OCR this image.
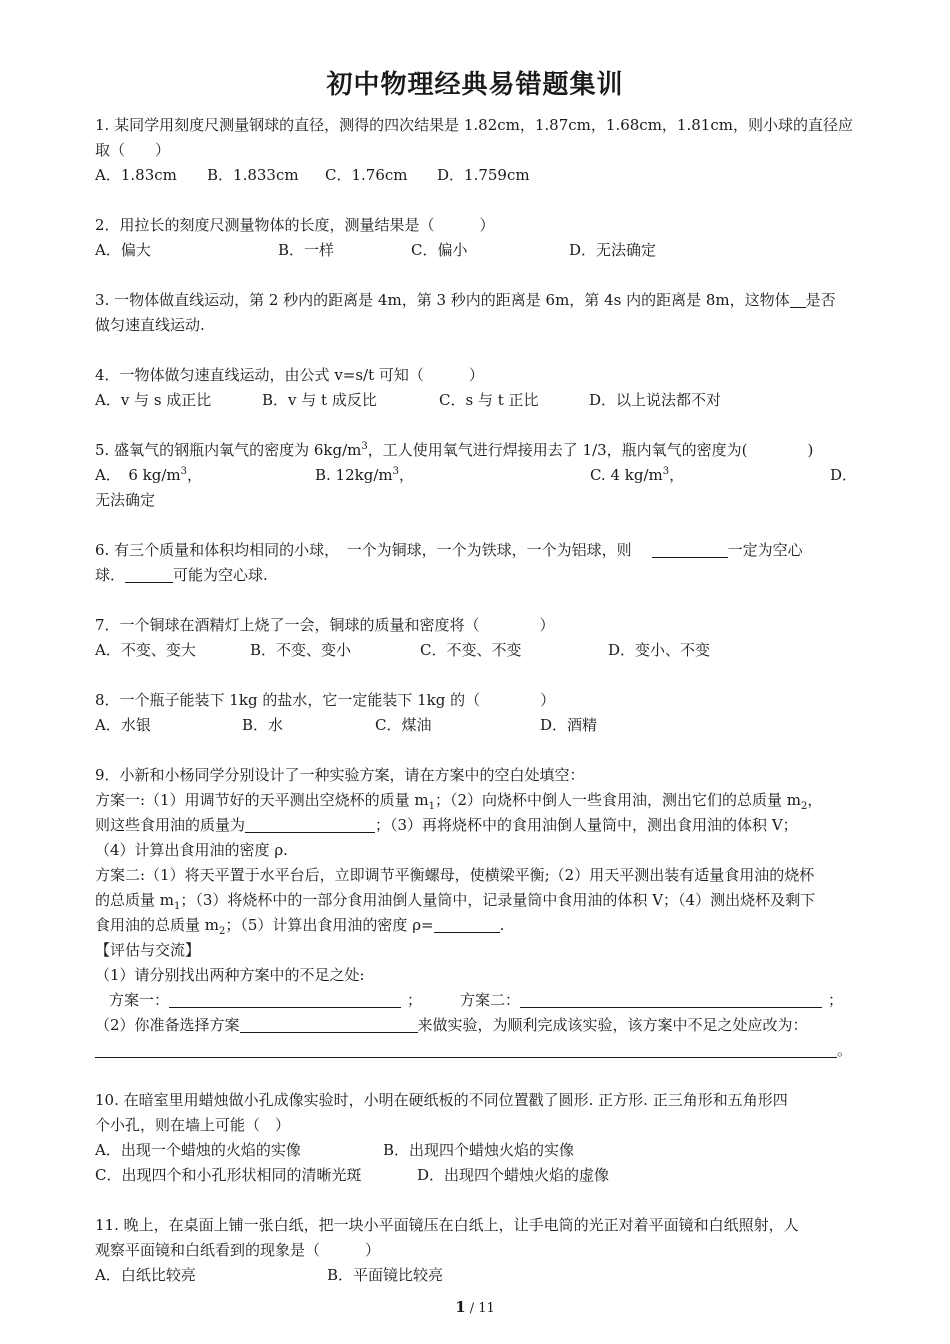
初中物理经典易错题集训
1. 某同学用刻度尺测量钢球的直径，测得的四次结果是 1.82cm，1.87cm，1.68cm，1.81cm，则小球的直径应
取（　　）
A．1.83cm	B．1.833cm	C．1.76cm	D．1.759cm
2．用拉长的刻度尺测量物体的长度，测量结果是（　　　）
A．偏大	B．一样	C．偏小	D．无法确定
3. 一物体做直线运动，第 2 秒内的距离是 4m，第 3 秒内的距离是 6m，第 4s 内的距离是 8m，这物体 是否
做匀速直线运动.
4．一物体做匀速直线运动，由公式 v=s/t 可知（　　　）
A．v 与 s 成正比	B．v 与 t 成反比	C．s 与 t 正比	D．以上说法都不对
5. 盛氧气的钢瓶内氧气的密度为 $6kg/m^3$，工人使用氧气进行焊接用去了 1/3，瓶内氧气的密度为(　　　　)
A．　6 $kg/m^3$，	B. $12kg/m^3$，	C. 4 $kg/m^3$，	D．
无法确定
6. 有三个质量和体积均相同的小球，　一个为铜球，一个为铁球，一个为铝球，则	一定为空心
球．	可能为空心球.
7．一个铜球在酒精灯上烧了一会，铜球的质量和密度将（　　　　）
A．不变、变大	B．不变、变小	C．不变、不变	D．变小、不变
8．一个瓶子能装下 1kg 的盐水，它一定能装下 1kg 的（　　　　）
A．水银	B．水	C．煤油	D．酒精
9．小新和小杨同学分别设计了一种实验方案，请在方案中的空白处填空：
方案一:（1）用调节好的天平测出空烧杯的质量 $m_1$；（2）向烧杯中倒人一些食用油，测出它们的总质量 $m_2$，
则这些食用油的质量为	；（3）再将烧杯中的食用油倒人量筒中，测出食用油的体积 V；
（4）计算出食用油的密度 ρ.
方案二:（1）将天平置于水平台后，立即调节平衡螺母，使横梁平衡;（2）用天平测出装有适量食用油的烧杯
的总质量 $m_1$；（3）将烧杯中的一部分食用油倒人量筒中，记录量筒中食用油的体积 V；（4）测出烧杯及剩下
食用油的总质量 $m_2$；（5）计算出食用油的密度 ρ=	.
【评估与交流】
（1）请分别找出两种方案中的不足之处:
方案一：	；	方案二：	；
（2）你准备选择方案	来做实验，为顺利完成该实验，该方案中不足之处应改为：
。
10. 在暗室里用蜡烛做小孔成像实验时，小明在硬纸板的不同位置戳了圆形. 正方形. 正三角形和五角形四
个小孔，则在墙上可能（　）
A．出现一个蜡烛的火焰的实像	B．出现四个蜡烛火焰的实像
C．出现四个和小孔形状相同的清晰光斑	D．出现四个蜡烛火焰的虚像
11. 晚上，在桌面上铺一张白纸，把一块小平面镜压在白纸上，让手电筒的光正对着平面镜和白纸照射，人
观察平面镜和白纸看到的现象是（　　　）
A．白纸比较亮	B．平面镜比较亮
1 / 11
